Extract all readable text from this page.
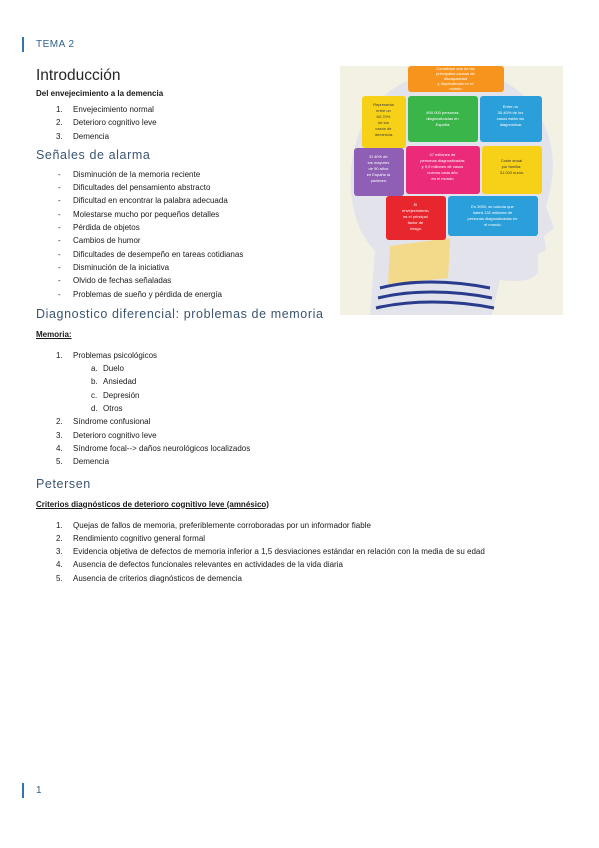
TEMA 2
Introducción
Del envejecimiento a la demencia
1. Envejecimiento normal
2. Deterioro cognitivo leve
3. Demencia
Señales de alarma
- Disminución de la memoria reciente
- Dificultades del pensamiento abstracto
- Dificultad en encontrar la palabra adecuada
- Molestarse mucho por pequeños detalles
- Pérdida de objetos
- Cambios de humor
- Dificultades de desempeño en tareas cotidianas
- Disminución de la iniciativa
- Olvido de fechas señaladas
- Problemas de sueño y pérdida de energía
Diagnostico diferencial: problemas de memoria
Memoria:
1. Problemas psicológicos
a. Duelo
b. Ansiedad
c. Depresión
d. Otros
2. Síndrome confusional
3. Deterioro cognitivo leve
4. Síndrome focal--> daños neurológicos localizados
5. Demencia
Petersen
Criterios diagnósticos de deterioro cognitivo leve (amnésico)
1. Quejas de fallos de memoria, preferiblemente corroboradas por un informador fiable
2. Rendimiento cognitivo general formal
3. Evidencia objetiva de defectos de memoria inferior a 1,5 desviaciones estándar en relación con la media de su edad
4. Ausencia de defectos funcionales relevantes en actividades de la vida diaria
5. Ausencia de criterios diagnósticos de demencia
Constituye una de las principales causas de discapacidad y dependencia en el mundo.
Representa entre un 60-70% de los casos de demencia.
800.000 personas diagnosticadas en España.
Entre un 30-40% de los casos están sin diagnosticar.
El 40% de los mayores de 90 años en España la padecen.
47 millones de personas diagnosticadas y 9,9 millones de casos nuevos cada año en el mundo.
Coste anual por familia: 31.000 euros.
El envejecimiento es el principal factor de riesgo.
En 2050, se calcula que habrá 132 millones de personas diagnosticadas en el mundo.
1
